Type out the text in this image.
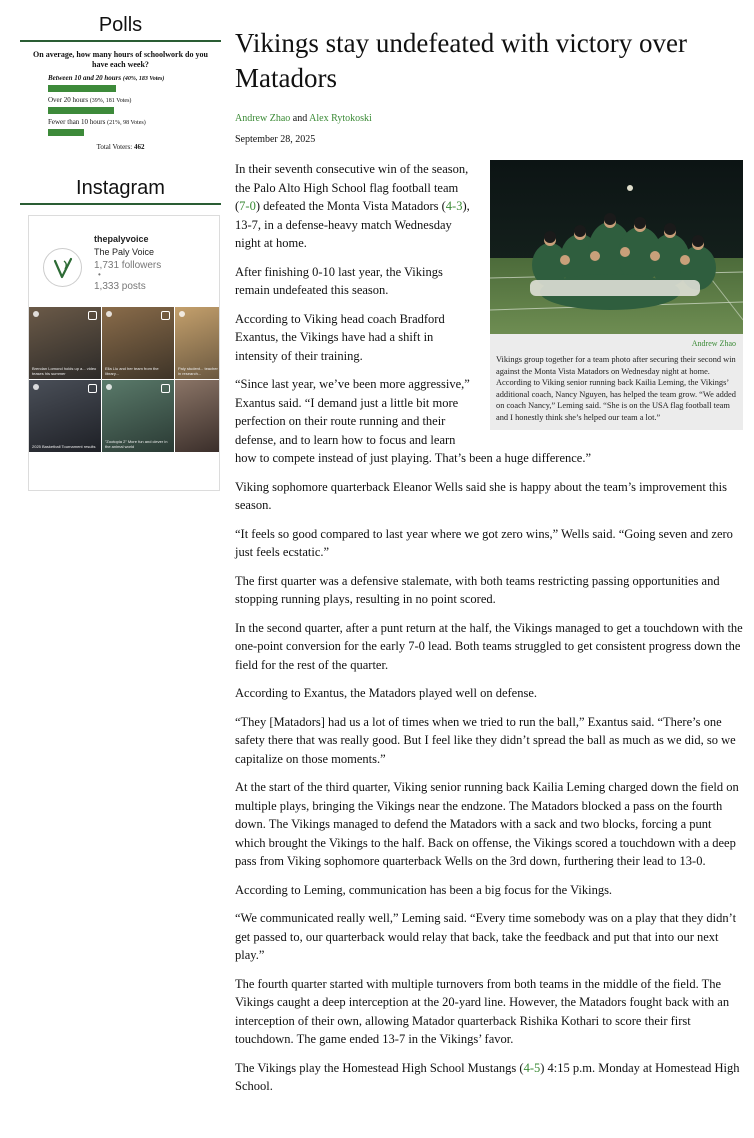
Polls
On average, how many hours of schoolwork do you have each week?
Between 10 and 20 hours (40%, 183 Votes)
Over 20 hours (39%, 181 Votes)
Fewer than 10 hours (21%, 98 Votes)
Total Voters: 462
Instagram
thepalyvoice
The Paly Voice
1,731 followers
•
1,333 posts
Brendan Lomond holds up a... video teases his summer
Ella Liu and her team from the library...
Paly student... teacher in research...
2025 Basketball Tournament results
"Zootopia 2" More fun and clever in the animal world
Vikings stay undefeated with victory over Matadors
Andrew Zhao and Alex Rytokoski
September 28, 2025
Andrew Zhao
Vikings group together for a team photo after securing their second win against the Monta Vista Matadors on Wednesday night at home. According to Viking senior running back Kailia Leming, the Vikings’ additional coach, Nancy Nguyen, has helped the team grow. “We added on coach Nancy,” Leming said. “She is on the USA flag football team and I honestly think she’s helped our team a lot.”

In their seventh consecutive win of the season, the Palo Alto High School flag football team (7-0) defeated the Monta Vista Matadors (4-3), 13-7, in a defense-heavy match Wednesday night at home.

After finishing 0-10 last year, the Vikings remain undefeated this season.

According to Viking head coach Bradford Exantus, the Vikings have had a shift in intensity of their training.

“Since last year, we’ve been more aggressive,” Exantus said. “I demand just a little bit more perfection on their route running and their defense, and to learn how to focus and learn how to compete instead of just playing. That’s been a huge difference.”

Viking sophomore quarterback Eleanor Wells said she is happy about the team’s improvement this season.

“It feels so good compared to last year where we got zero wins,” Wells said. “Going seven and zero just feels ecstatic.”

The first quarter was a defensive stalemate, with both teams restricting passing opportunities and stopping running plays, resulting in no point scored.

In the second quarter, after a punt return at the half, the Vikings managed to get a touchdown with the one-point conversion for the early 7-0 lead. Both teams struggled to get consistent progress down the field for the rest of the quarter.

According to Exantus, the Matadors played well on defense.

“They [Matadors] had us a lot of times when we tried to run the ball,” Exantus said. “There’s one safety there that was really good. But I feel like they didn’t spread the ball as much as we did, so we capitalize on those moments.”

At the start of the third quarter, Viking senior running back Kailia Leming charged down the field on multiple plays, bringing the Vikings near the endzone. The Matadors blocked a pass on the fourth down. The Vikings managed to defend the Matadors with a sack and two blocks, forcing a punt which brought the Vikings to the half. Back on offense, the Vikings scored a touchdown with a deep pass from Viking sophomore quarterback Wells on the 3rd down, furthering their lead to 13-0.

According to Leming, communication has been a big focus for the Vikings.

“We communicated really well,” Leming said. “Every time somebody was on a play that they didn’t get passed to, our quarterback would relay that back, take the feedback and put that into our next play.”

The fourth quarter started with multiple turnovers from both teams in the middle of the field. The Vikings caught a deep interception at the 20-yard line. However, the Matadors fought back with an interception of their own, allowing Matador quarterback Rishika Kothari to score their first touchdown. The game ended 13-7 in the Vikings’ favor.

The Vikings play the Homestead High School Mustangs (4-5) 4:15 p.m. Monday at Homestead High School.
